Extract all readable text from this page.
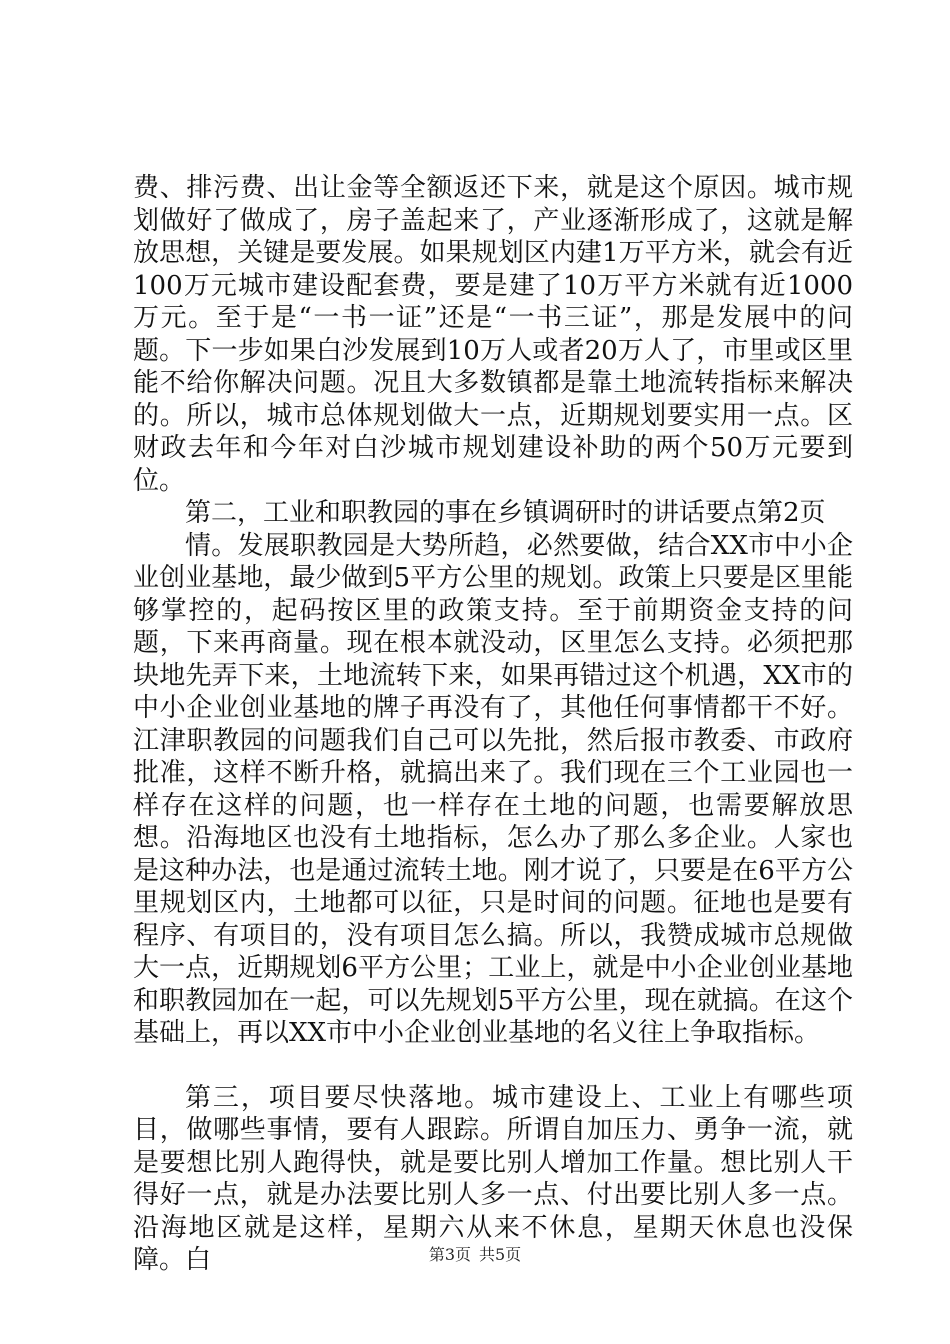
费、排污费、出让金等全额返还下来，就是这个原因。城市规划做好了做成了，房子盖起来了，产业逐渐形成了，这就是解放思想，关键是要发展。如果规划区内建1万平方米，就会有近100万元城市建设配套费，要是建了10万平方米就有近1000万元。至于是“一书一证”还是“一书三证”，那是发展中的问题。下一步如果白沙发展到10万人或者20万人了，市里或区里能不给你解决问题。况且大多数镇都是靠土地流转指标来解决的。所以，城市总体规划做大一点，近期规划要实用一点。区财政去年和今年对白沙城市规划建设补助的两个50万元要到位。

第二，工业和职教园的事在乡镇调研时的讲话要点第2页

情。发展职教园是大势所趋，必然要做，结合XX市中小企业创业基地，最少做到5平方公里的规划。政策上只要是区里能够掌控的，起码按区里的政策支持。至于前期资金支持的问题，下来再商量。现在根本就没动，区里怎么支持。必须把那块地先弄下来，土地流转下来，如果再错过这个机遇，XX市的中小企业创业基地的牌子再没有了，其他任何事情都干不好。江津职教园的问题我们自己可以先批，然后报市教委、市政府批准，这样不断升格，就搞出来了。我们现在三个工业园也一样存在这样的问题，也一样存在土地的问题，也需要解放思想。沿海地区也没有土地指标，怎么办了那么多企业。人家也是这种办法，也是通过流转土地。刚才说了，只要是在6平方公里规划区内，土地都可以征，只是时间的问题。征地也是要有程序、有项目的，没有项目怎么搞。所以，我赞成城市总规做大一点，近期规划6平方公里；工业上，就是中小企业创业基地和职教园加在一起，可以先规划5平方公里，现在就搞。在这个基础上，再以XX市中小企业创业基地的名义往上争取指标。

第三，项目要尽快落地。城市建设上、工业上有哪些项目，做哪些事情，要有人跟踪。所谓自加压力、勇争一流，就是要想比别人跑得快，就是要比别人增加工作量。想比别人干得好一点，就是办法要比别人多一点、付出要比别人多一点。沿海地区就是这样，星期六从来不休息，星期天休息也没保障。白	第3页 共5页
